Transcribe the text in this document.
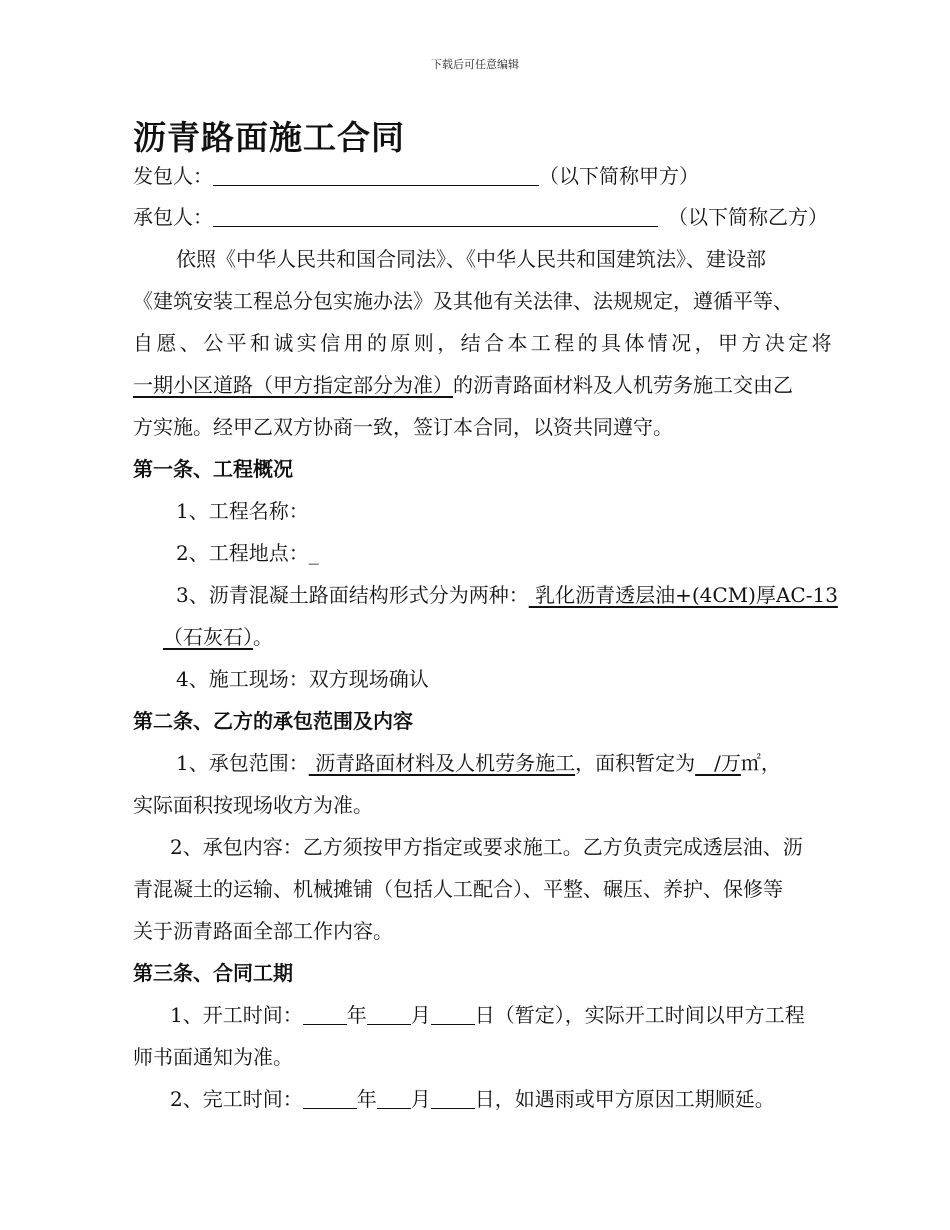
下载后可任意编辑
沥青路面施工合同
发包人：	（以下简称甲方）
承包人：	（以下简称乙方）
依照《中华人民共和国合同法》、《中华人民共和国建筑法》、建设部
《建筑安装工程总分包实施办法》及其他有关法律、法规规定，遵循平等、
自愿、公平和诚实信用的原则，结合本工程的具体情况，甲方决定将
一期小区道路（甲方指定部分为准）的沥青路面材料及人机劳务施工交由乙
方实施。经甲乙双方协商一致，签订本合同，以资共同遵守。
第一条、工程概况
1、工程名称：
2、工程地点：_
3、沥青混凝土路面结构形式分为两种： 乳化沥青透层油+(4CM)厚AC-13
（石灰石）。
4、施工现场：双方现场确认
第二条、乙方的承包范围及内容
1、承包范围： 沥青路面材料及人机劳务施工，面积暂定为   /万㎡，
实际面积按现场收方为准。
2、承包内容：乙方须按甲方指定或要求施工。乙方负责完成透层油、沥
青混凝土的运输、机械摊铺（包括人工配合）、平整、碾压、养护、保修等
关于沥青路面全部工作内容。
第三条、合同工期
1、开工时间： 年 月 日（暂定），实际开工时间以甲方工程
师书面通知为准。
2、完工时间：	年 月 日，如遇雨或甲方原因工期顺延。
